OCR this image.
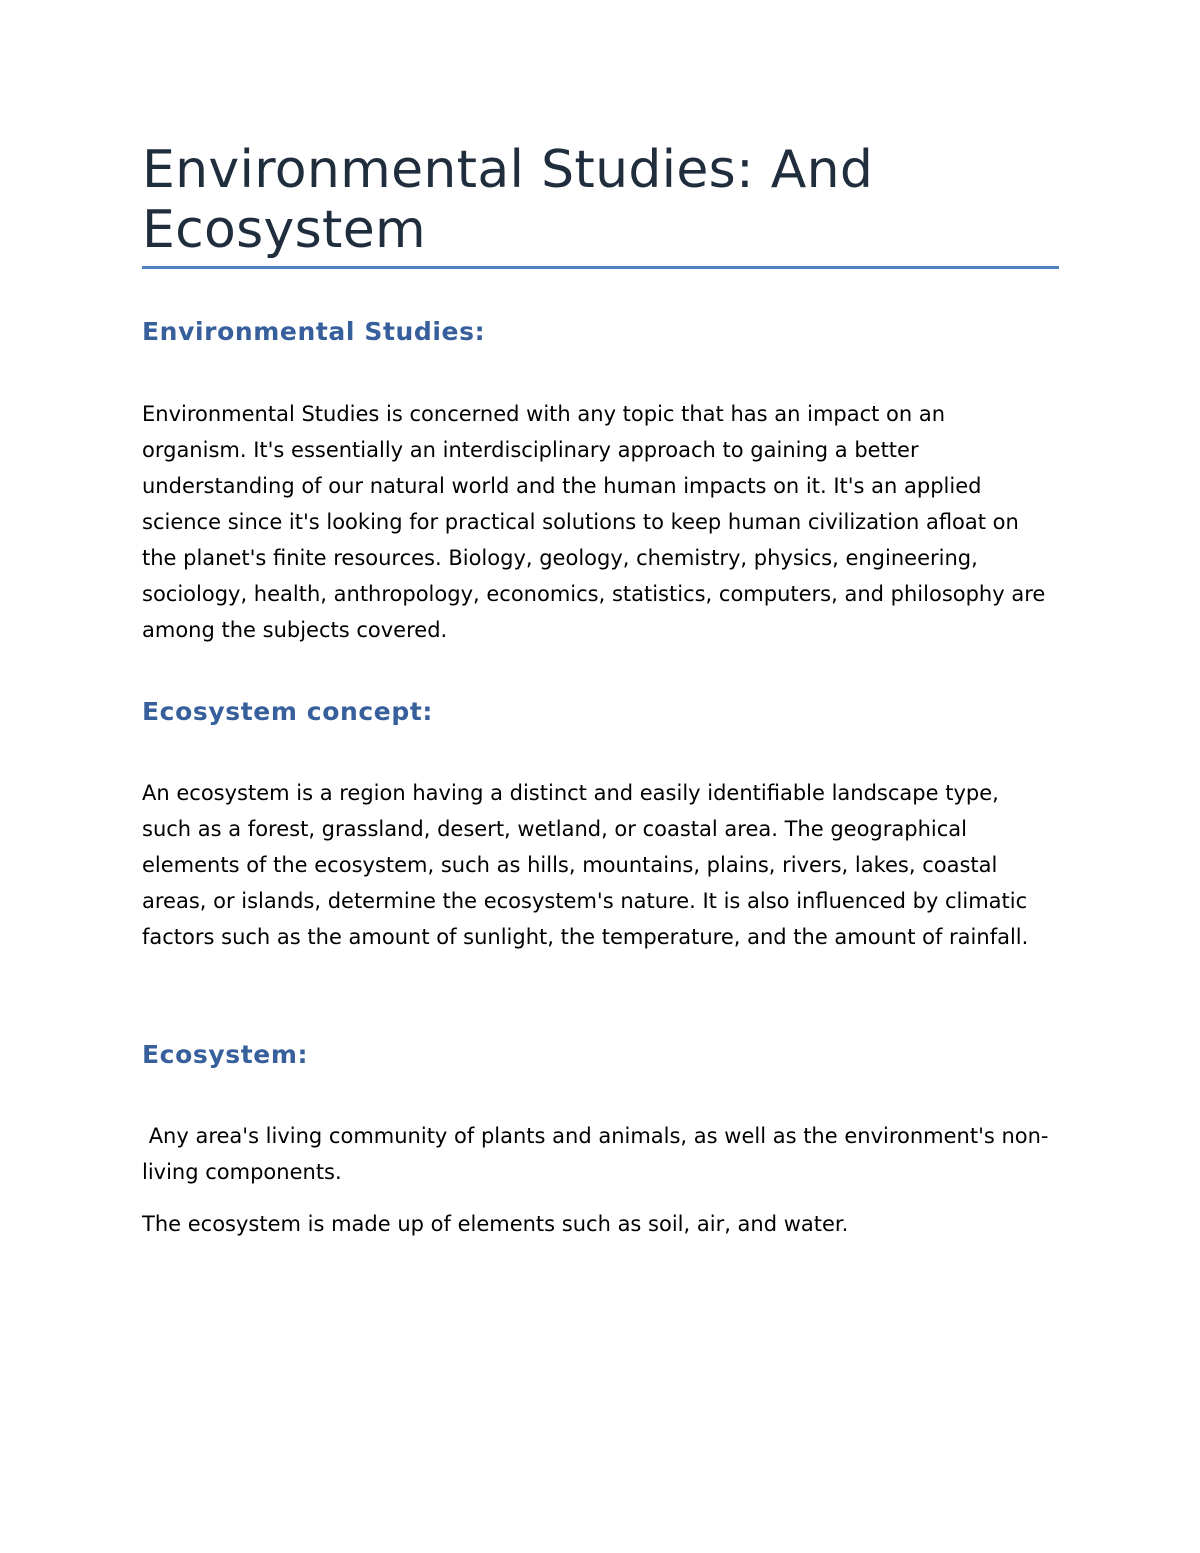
Environmental Studies: And Ecosystem
Environmental Studies:

Environmental Studies is concerned with any topic that has an impact on an organism. It's essentially an interdisciplinary approach to gaining a better understanding of our natural world and the human impacts on it. It's an applied science since it's looking for practical solutions to keep human civilization afloat on the planet's finite resources. Biology, geology, chemistry, physics, engineering, sociology, health, anthropology, economics, statistics, computers, and philosophy are among the subjects covered.

Ecosystem concept:

An ecosystem is a region having a distinct and easily identifiable landscape type, such as a forest, grassland, desert, wetland, or coastal area. The geographical elements of the ecosystem, such as hills, mountains, plains, rivers, lakes, coastal areas, or islands, determine the ecosystem's nature. It is also influenced by climatic factors such as the amount of sunlight, the temperature, and the amount of rainfall.

Ecosystem:

Any area's living community of plants and animals, as well as the environment's non-living components.

The ecosystem is made up of elements such as soil, air, and water.
